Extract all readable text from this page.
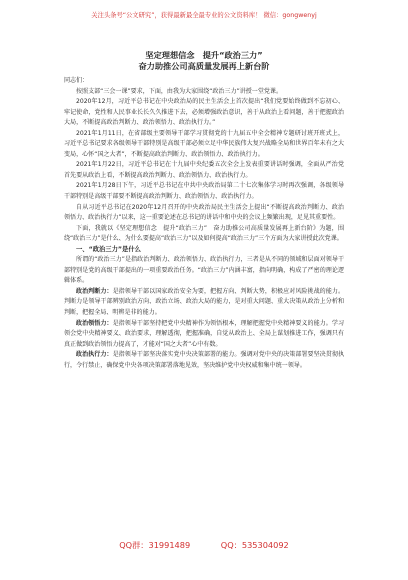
关注头条号“公文研究”，获得最新最全最专业的公文资料库！ 微信：gongwenyj
坚定理想信念　提升“政治三力”
奋力助推公司高质量发展再上新台阶

同志们：

按照支部“三会一课”要求，下面，由我为大家围绕“政治三力”讲授一堂党课。

2020年12月，习近平总书记在中央政治局的民主生活会上首次提出“我们党要始终做到不忘初心、牢记使命，党性和人民事业长长久久推进下去，必须增强政治意识，善于从政治上看问题，善于把握政治大局，不断提高政治判断力、政治领悟力、政治执行力。”

2021年1月11日，在省部级主要领导干部学习贯彻党的十九届五中全会精神专题研讨班开班式上，习近平总书记要求各级领导干部特别是高级干部必须立足中华民族伟大复兴战略全局和世界百年未有之大变局，心怀“国之大者”，不断提高政治判断力、政治领悟力、政治执行力。

2021年1月22日，习近平总书记在十九届中央纪委五次全会上发表重要讲话时强调，全面从严治党首先要从政治上看，不断提高政治判断力、政治领悟力、政治执行力。

2021年1月28日下午，习近平总书记在中共中央政治局第二十七次集体学习时再次强调，各级领导干部特别是高级干部要不断提高政治判断力、政治领悟力、政治执行力。

自从习近平总书记在2020年12月召开的中央政治局民主生活会上提出“不断提高政治判断力、政治领悟力、政治执行力”以来，这一重要论述在总书记的讲话中和中央的会议上频繁出现，足见其重要性。

下面，我就以《坚定理想信念　提升“政治三力”　奋力助推公司高质量发展再上新台阶》为题，围绕“政治三力”是什么、为什么要提高“政治三力”以及如何提高“政治三力”三个方面为大家讲授此次党课。

一、“政治三力”是什么

所谓的“政治三力”是指政治判断力、政治领悟力、政治执行力，三者是从不同的领域和层面对领导干部特别是党的高级干部提出的一项重要政治任务。“政治三力”内涵丰富，指向明确，构成了严密的理论逻辑体系。

政治判断力：是指领导干部以国家政治安全为要，把握方向、判断大势，积极应对风险挑战的能力。判断力是领导干部辨别政治方向、政治立场、政治大局的能力，是对重大问题、重大决策从政治上分析和判断，把握全局、明辨是非的能力。

政治领悟力：是指领导干部坚持把党中央精神作为领悟根本，理解把握党中央精神要义的能力。学习领会党中央精神要义、政治要求，理解透彻，把握准确，自觉从政治上、全局上谋划推进工作，强调只有真正做到政治领悟力提高了，才能对“国之大者”心中有数。

政治执行力：是指领导干部坚决落实党中央决策部署的能力。强调对党中央的决策部署要坚决贯彻执行，令行禁止，确保党中央各项决策部署落地见效，坚决维护党中央权威和集中统一领导。

QQ群：31991489	QQ：535304092
